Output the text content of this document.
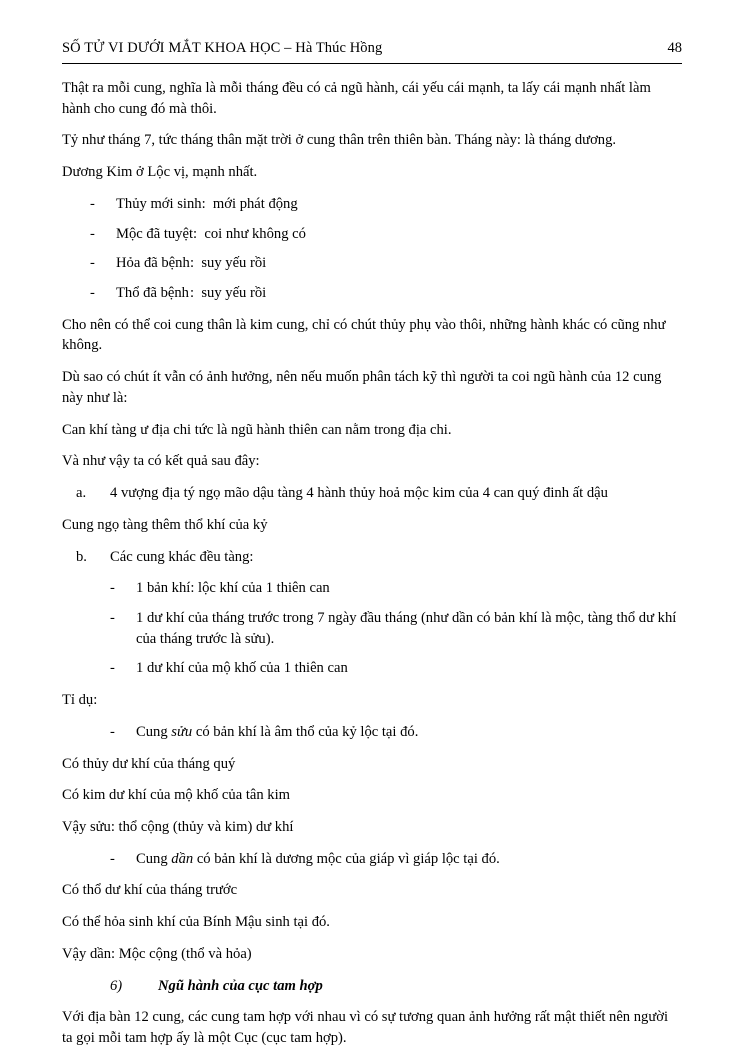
SỐ TỬ VI DƯỚI MẮT KHOA HỌC – Hà Thúc Hồng	48

Thật ra mỗi cung, nghĩa là mỗi tháng đều có cả ngũ hành, cái yếu cái mạnh, ta lấy cái mạnh nhất làm hành cho cung đó mà thôi.

Tỷ như tháng 7, tức tháng thân mặt trời ở cung thân trên thiên bàn. Tháng này: là tháng dương.

Dương Kim ở Lộc vị, mạnh nhất.

-	Thủy mới sinh: mới phát động
-	Mộc đã tuyệt: coi như không có
-	Hỏa đã bệnh: suy yếu rồi
-	Thổ đã bệnh: suy yếu rồi

Cho nên có thể coi cung thân là kim cung, chỉ có chút thủy phụ vào thôi, những hành khác có cũng như không.

Dù sao có chút ít vẫn có ảnh hưởng, nên nếu muốn phân tách kỹ thì người ta coi ngũ hành của 12 cung này như là:

Can khí tàng ư địa chi tức là ngũ hành thiên can nằm trong địa chi.

Và như vậy ta có kết quả sau đây:

a.	4 vượng địa tý ngọ mão dậu tàng 4 hành thủy hoả mộc kim của 4 can quý đinh ất dậu

Cung ngọ tàng thêm thổ khí của kỷ

b.	Các cung khác đều tàng:
-	1 bản khí: lộc khí của 1 thiên can
-	1 dư khí của tháng trước trong 7 ngày đầu tháng (như dần có bản khí là mộc, tàng thổ dư khí của tháng trước là sửu).
-	1 dư khí của mộ khố của 1 thiên can

Tỉ dụ:

-	Cung sửu có bản khí là âm thổ của kỷ lộc tại đó.

Có thủy dư khí của tháng quý

Có kim dư khí của mộ khố của tân kim

Vậy sửu: thổ cộng (thủy và kim) dư khí

-	Cung dần có bản khí là dương mộc của giáp vì giáp lộc tại đó.

Có thổ dư khí của tháng trước

Có thể hỏa sinh khí của Bính Mậu sinh tại đó.

Vậy dần: Mộc cộng (thổ và hỏa)

6) Ngũ hành của cục tam hợp

Với địa bàn 12 cung, các cung tam hợp với nhau vì có sự tương quan ảnh hưởng rất mật thiết nên người ta gọi mỗi tam hợp ấy là một Cục (cục tam hợp).
